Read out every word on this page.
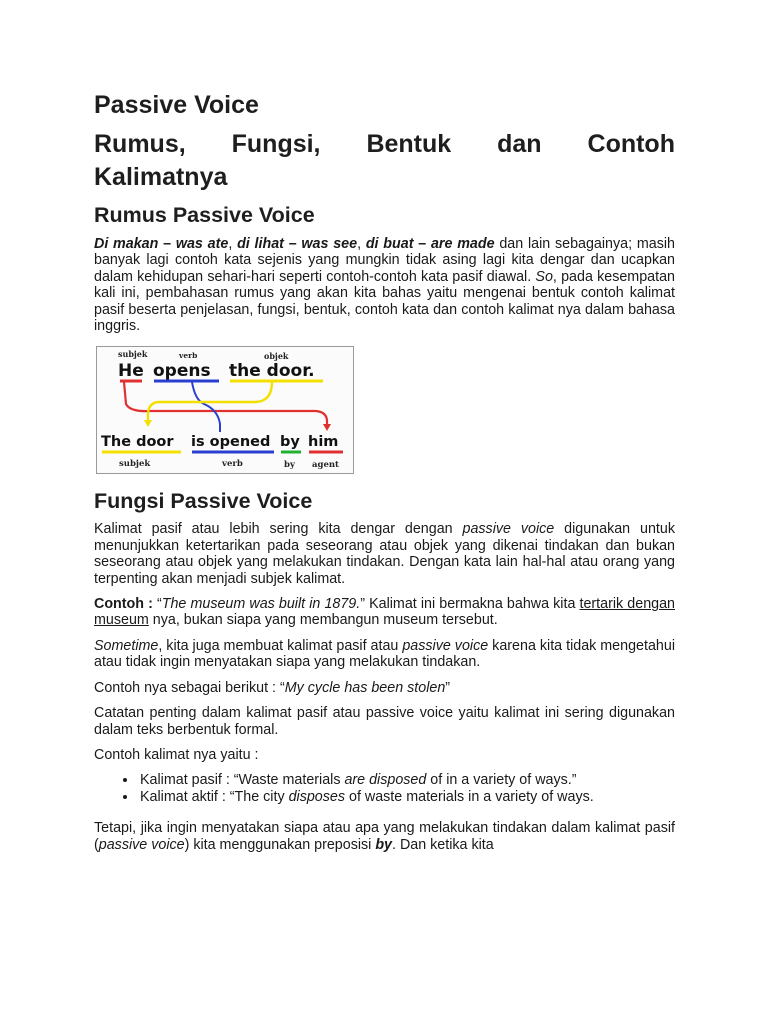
Passive Voice
Rumus, Fungsi, Bentuk dan Contoh
Kalimatnya
Rumus Passive Voice

Di makan – was ate, di lihat – was see, di buat – are made dan lain sebagainya; masih banyak lagi contoh kata sejenis yang mungkin tidak asing lagi kita dengar dan ucapkan dalam kehidupan sehari-hari seperti contoh-contoh kata pasif diawal. So, pada kesempatan kali ini, pembahasan rumus yang akan kita bahas yaitu mengenai bentuk contoh kalimat pasif beserta penjelasan, fungsi, bentuk, contoh kata dan contoh kalimat nya dalam bahasa inggris.

subjek	verb	objek
He opens the door.
The door is opened by him
subjek	verb	by agent
Fungsi Passive Voice

Kalimat pasif atau lebih sering kita dengar dengan passive voice digunakan untuk menunjukkan ketertarikan pada seseorang atau objek yang dikenai tindakan dan bukan seseorang atau objek yang melakukan tindakan. Dengan kata lain hal-hal atau orang yang terpenting akan menjadi subjek kalimat.

Contoh : “The museum was built in 1879.” Kalimat ini bermakna bahwa kita tertarik dengan museum nya, bukan siapa yang membangun museum tersebut.

Sometime, kita juga membuat kalimat pasif atau passive voice karena kita tidak mengetahui atau tidak ingin menyatakan siapa yang melakukan tindakan.

Contoh nya sebagai berikut : “My cycle has been stolen”

Catatan penting dalam kalimat pasif atau passive voice yaitu kalimat ini sering digunakan dalam teks berbentuk formal.

Contoh kalimat nya yaitu :

• Kalimat pasif : “Waste materials are disposed of in a variety of ways.”
• Kalimat aktif : “The city disposes of waste materials in a variety of ways.

Tetapi, jika ingin menyatakan siapa atau apa yang melakukan tindakan dalam kalimat pasif (passive voice) kita menggunakan preposisi by. Dan ketika kita
